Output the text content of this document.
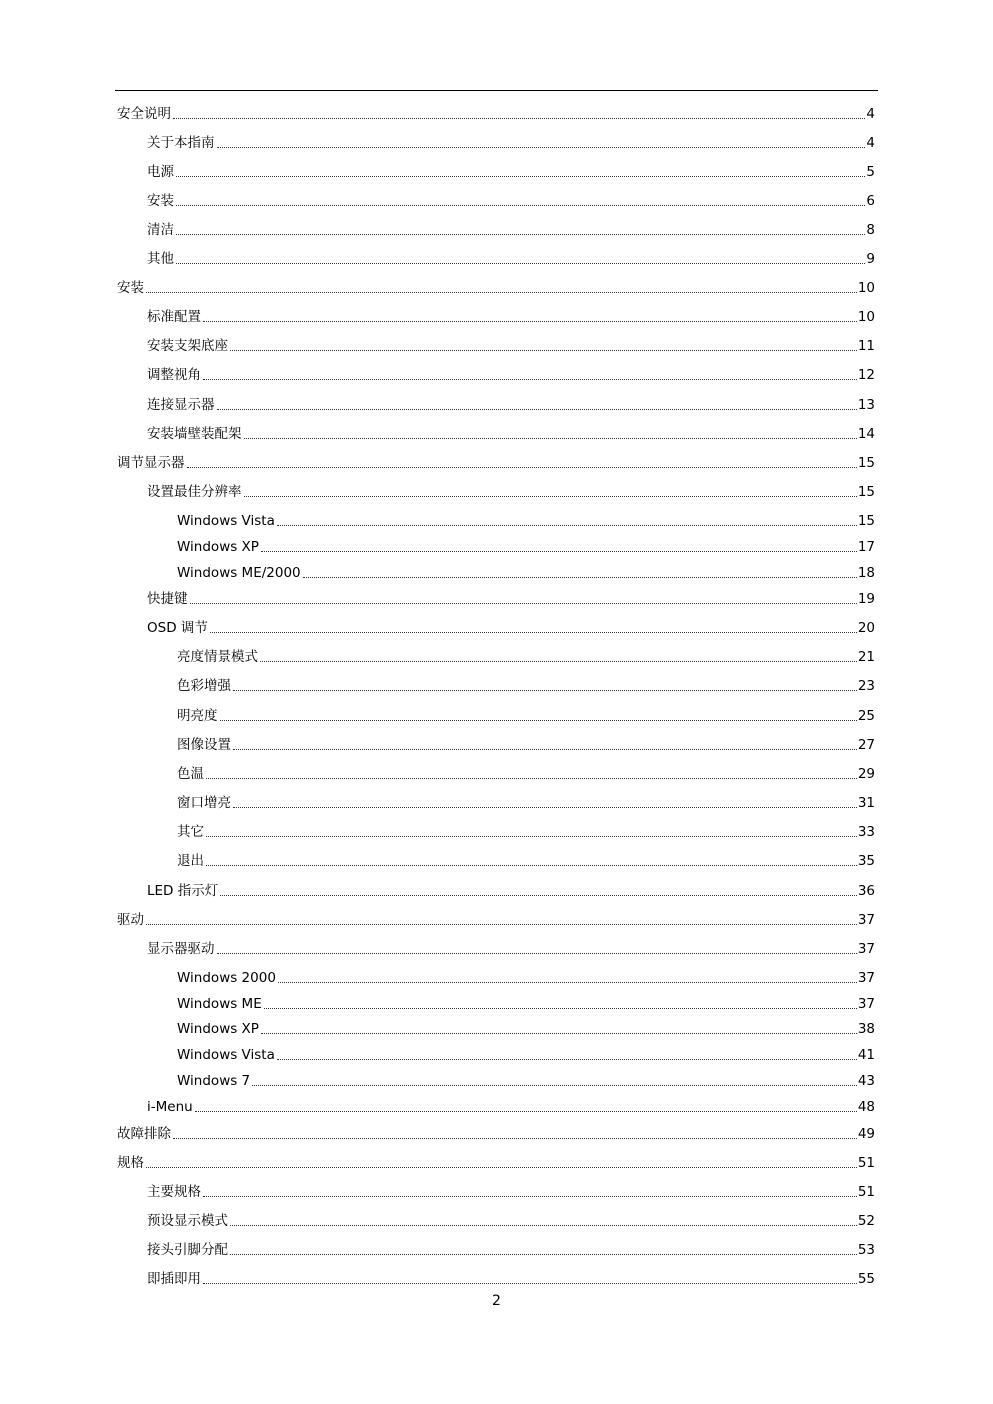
安全说明	4
关于本指南	4
电源	5
安装	6
清洁	8
其他	9
安装	10
标准配置	10
安装支架底座	11
调整视角	12
连接显示器	13
安装墙壁装配架	14
调节显示器	15
设置最佳分辨率	15
Windows Vista	15
Windows XP	17
Windows ME/2000	18
快捷键	19
OSD 调节	20
亮度情景模式	21
色彩增强	23
明亮度	25
图像设置	27
色温	29
窗口增亮	31
其它	33
退出	35
LED 指示灯	36
驱动	37
显示器驱动	37
Windows 2000	37
Windows ME	37
Windows XP	38
Windows Vista	41
Windows 7	43
i-Menu	48
故障排除	49
规格	51
主要规格	51
预设显示模式	52
接头引脚分配	53
即插即用	55
2
